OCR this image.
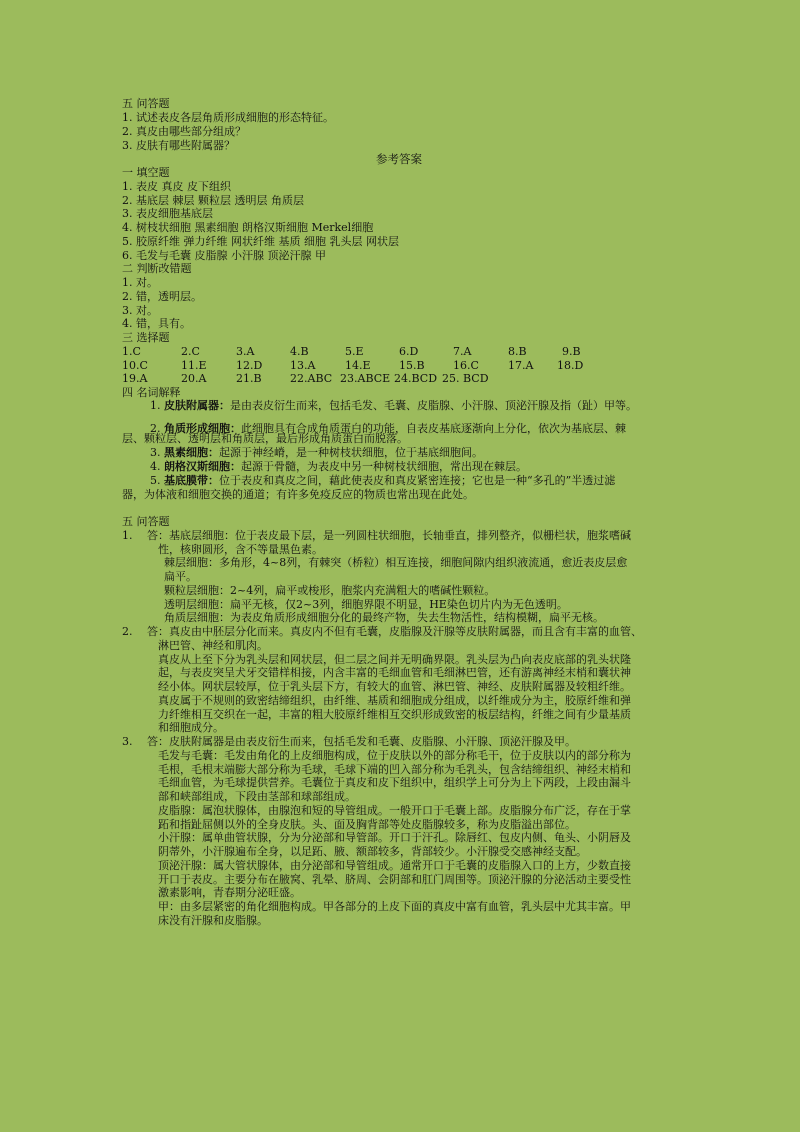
五 问答题
1. 试述表皮各层角质形成细胞的形态特征。
2. 真皮由哪些部分组成？
3. 皮肤有哪些附属器？
参考答案
一 填空题
1. 表皮 真皮 皮下组织
2. 基底层 棘层 颗粒层 透明层 角质层
3. 表皮细胞基底层
4. 树枝状细胞 黑素细胞 朗格汉斯细胞 Merkel细胞
5. 胶原纤维 弹力纤维 网状纤维 基质 细胞 乳头层 网状层
6. 毛发与毛囊 皮脂腺 小汗腺 顶泌汗腺 甲
二 判断改错题
1. 对。
2. 错，透明层。
3. 对。
4. 错，具有。
三 选择题
1.C	2.C	3.A	4.B	5.E	6.D	7.A	8.B	9.B
10.C	11.E	12.D	13.A	14.E	15.B	16.C	17.A 18.D
19.A	20.A	21.B	22.ABC 23.ABCE 24.BCD 25. BCD
四 名词解释
1. 皮肤附属器：是由表皮衍生而来，包括毛发、毛囊、皮脂腺、小汗腺、顶泌汗腺及指（趾）甲等。
2. 角质形成细胞：此细胞具有合成角质蛋白的功能，自表皮基底逐渐向上分化，依次为基底层、棘
层、颗粒层、透明层和角质层，最后形成角质蛋白而脱落。
3. 黑素细胞：起源于神经嵴，是一种树枝状细胞，位于基底细胞间。
4. 朗格汉斯细胞：起源于骨髓，为表皮中另一种树枝状细胞，常出现在棘层。
5. 基底膜带：位于表皮和真皮之间，藉此使表皮和真皮紧密连接；它也是一种“多孔的”半透过滤
器，为体液和细胞交换的通道；有许多免疫反应的物质也常出现在此处。
五 问答题
1. 答：基底层细胞：位于表皮最下层，是一列圆柱状细胞，长轴垂直，排列整齐，似栅栏状，胞浆嗜碱
性，核卵圆形，含不等量黑色素。
棘层细胞：多角形，4~8列，有棘突（桥粒）相互连接，细胞间隙内组织液流通，愈近表皮层愈
扁平。
颗粒层细胞：2~4列，扁平或梭形，胞浆内充满粗大的嗜碱性颗粒。
透明层细胞：扁平无核，仅2~3列，细胞界限不明显，HE染色切片内为无色透明。
角质层细胞：为表皮角质形成细胞分化的最终产物，失去生物活性，结构模糊，扁平无核。
2. 答：真皮由中胚层分化而来。真皮内不但有毛囊，皮脂腺及汗腺等皮肤附属器，而且含有丰富的血管、
淋巴管、神经和肌肉。
真皮从上至下分为乳头层和网状层，但二层之间并无明确界限。乳头层为凸向表皮底部的乳头状隆
起，与表皮突呈犬牙交错样相接，内含丰富的毛细血管和毛细淋巴管，还有游离神经末梢和囊状神
经小体。网状层较厚，位于乳头层下方，有较大的血管、淋巴管、神经、皮肤附属器及较粗纤维。
真皮属于不规则的致密结缔组织，由纤维、基质和细胞成分组成，以纤维成分为主，胶原纤维和弹
力纤维相互交织在一起，丰富的粗大胶原纤维相互交织形成致密的板层结构，纤维之间有少量基质
和细胞成分。
3. 答：皮肤附属器是由表皮衍生而来，包括毛发和毛囊、皮脂腺、小汗腺、顶泌汗腺及甲。
毛发与毛囊：毛发由角化的上皮细胞构成，位于皮肤以外的部分称毛干，位于皮肤以内的部分称为
毛根，毛根末端膨大部分称为毛球，毛球下端的凹入部分称为毛乳头，包含结缔组织、神经末梢和
毛细血管，为毛球提供营养。毛囊位于真皮和皮下组织中，组织学上可分为上下两段，上段由漏斗
部和峡部组成，下段由茎部和球部组成。
皮脂腺：属泡状腺体，由腺泡和短的导管组成。一般开口于毛囊上部。皮脂腺分布广泛，存在于掌
跖和指趾屈侧以外的全身皮肤。头、面及胸背部等处皮脂腺较多，称为皮脂溢出部位。
小汗腺：属单曲管状腺，分为分泌部和导管部。开口于汗孔。除唇红、包皮内侧、龟头、小阴唇及
阴蒂外，小汗腺遍布全身，以足跖、腋、额部较多，背部较少。小汗腺受交感神经支配。
顶泌汗腺：属大管状腺体，由分泌部和导管组成。通常开口于毛囊的皮脂腺入口的上方，少数直接
开口于表皮。主要分布在腋窝、乳晕、脐周、会阴部和肛门周围等。顶泌汗腺的分泌活动主要受性
激素影响，青春期分泌旺盛。
甲：由多层紧密的角化细胞构成。甲各部分的上皮下面的真皮中富有血管，乳头层中尤其丰富。甲
床没有汗腺和皮脂腺。
